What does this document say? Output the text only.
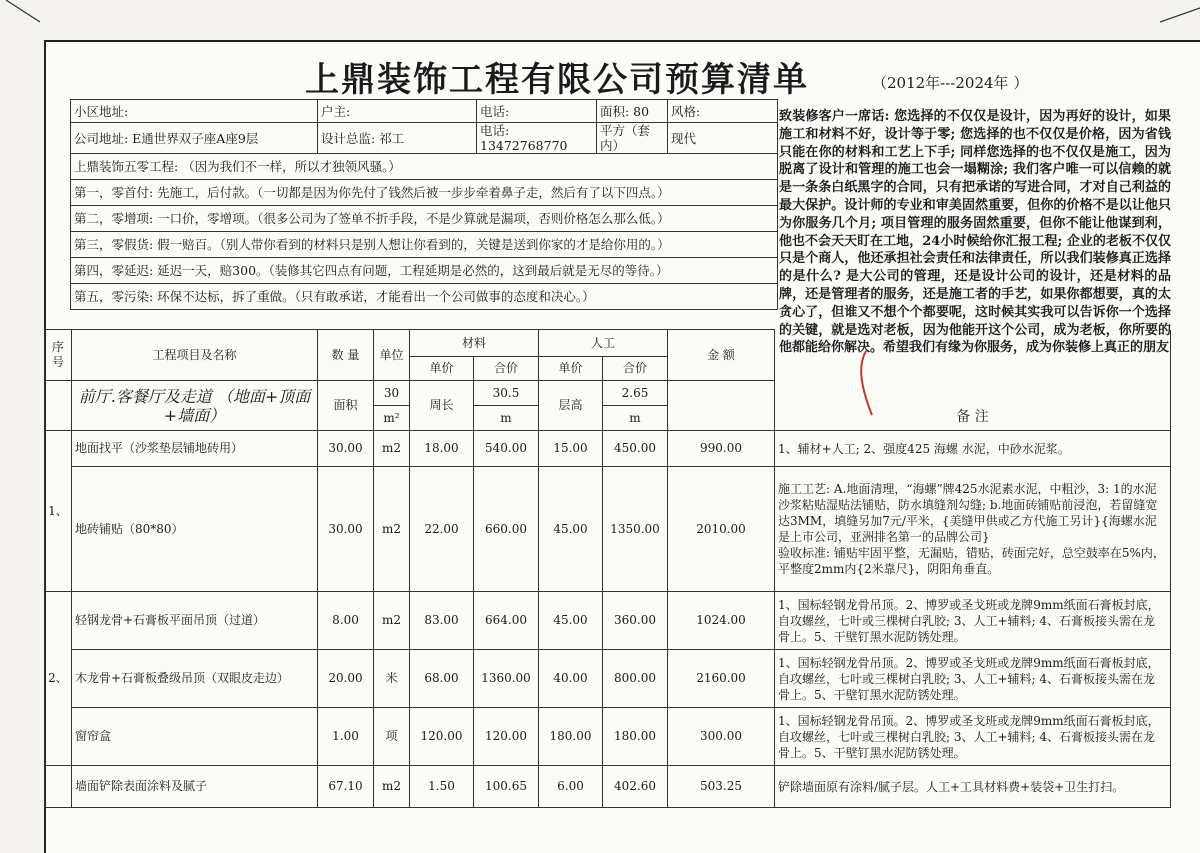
上鼎装饰工程有限公司预算清单	（2012年---2024年 ）
小区地址:	户主:	电话:	面积: 80	风格:
公司地址: E通世界双子座A座9层	设计总监: 祁工	电话: 13472768770	平方（套内）	现代
上鼎装饰五零工程: （因为我们不一样，所以才独领风骚。）				
第一，零首付: 先施工，后付款。（一切都是因为你先付了钱然后被一步步牵着鼻子走，然后有了以下四点。）				
第二，零增项: 一口价，零增项。（很多公司为了签单不折手段，不是少算就是漏项，否则价格怎么那么低。）				
第三，零假货: 假一赔百。（别人带你看到的材料只是别人想让你看到的，关键是送到你家的才是给你用的。）				
第四，零延迟: 延迟一天，赔300。（装修其它四点有问题，工程延期是必然的，这到最后就是无尽的等待。）				
第五，零污染: 环保不达标，拆了重做。（只有敢承诺，才能看出一个公司做事的态度和决心。）				
致装修客户一席话: 您选择的不仅仅是设计，因为再好的设计，如果施工和材料不好，设计等于零; 您选择的也不仅仅是价格，因为省钱只能在你的材料和工艺上下手; 同样您选择的也不仅仅是施工，因为脱离了设计和管理的施工也会一塌糊涂; 我们客户唯一可以信赖的就是一条条白纸黑字的合同，只有把承诺的写进合同，才对自己利益的最大保护。设计师的专业和审美固然重要，但你的价格不是以让他只为你服务几个月; 项目管理的服务固然重要，但你不能让他谋到利，他也不会天天盯在工地，24小时候给你汇报工程; 企业的老板不仅仅只是个商人，他还承担社会责任和法律责任，所以我们装修真正选择的是什么? 是大公司的管理，还是设计公司的设计，还是材料的品牌，还是管理者的服务，还是施工者的手艺，如果你都想要，真的太贪心了，但谁又不想个个都要呢，这时候其实我可以告诉你一个选择的关键，就是选对老板，因为他能开这个公司，成为老板，你所要的他都能给你解决。希望我们有缘为你服务，成为你装修上真正的朋友
序号	工程项目及名称	数 量	单位	材料		人工		金 额	
				单价	合价	单价	合价		
	前厅.客餐厅及走道 （地面+顶面+墙面）	面积	30	周长	30.5	层高	2.65		
			m²		m		m		备 注
1、	地面找平（沙浆垫层铺地砖用）	30.00	m2	18.00	540.00	15.00	450.00	990.00	1、辅材+人工; 2、强度425 海螺 水泥，中砂水泥浆。
	地砖铺贴（80*80）	30.00	m2	22.00	660.00	45.00	1350.00	2010.00	施工工艺: A.地面清理，“海螺”牌425水泥素水泥，中粗沙，3: 1的水泥沙浆粘贴湿贴法铺贴，防水填缝剂勾缝; b.地面砖铺贴前浸泡，若留缝宽达3MM，填缝另加7元/平米，{美缝甲供或乙方代施工另计}{海螺水泥是上市公司，亚洲排名第一的品牌公司}
验收标准: 铺贴牢固平整，无漏贴，错贴，砖面完好，总空鼓率在5%内，平整度2mm内{2米靠尺}，阴阳角垂直。
2、	轻钢龙骨+石膏板平面吊顶（过道）	8.00	m2	83.00	664.00	45.00	360.00	1024.00	1、国标轻钢龙骨吊顶。2、博罗或圣戈班或龙牌9mm纸面石膏板封底，自攻螺丝，七叶或三棵树白乳胶; 3、人工+辅料; 4、石膏板接头需在龙骨上。5、干壁钉黑水泥防锈处理。
	木龙骨+石膏板叠级吊顶（双眼皮走边）	20.00	米	68.00	1360.00	40.00	800.00	2160.00	1、国标轻钢龙骨吊顶。2、博罗或圣戈班或龙牌9mm纸面石膏板封底，自攻螺丝，七叶或三棵树白乳胶; 3、人工+辅料; 4、石膏板接头需在龙骨上。5、干壁钉黑水泥防锈处理。
	窗帘盒	1.00	项	120.00	120.00	180.00	180.00	300.00	1、国标轻钢龙骨吊顶。2、博罗或圣戈班或龙牌9mm纸面石膏板封底，自攻螺丝，七叶或三棵树白乳胶; 3、人工+辅料; 4、石膏板接头需在龙骨上。5、干壁钉黑水泥防锈处理。
	墙面铲除表面涂料及腻子	67.10	m2	1.50	100.65	6.00	402.60	503.25	铲除墙面原有涂料/腻子层。人工+工具材料费+装袋+卫生打扫。
